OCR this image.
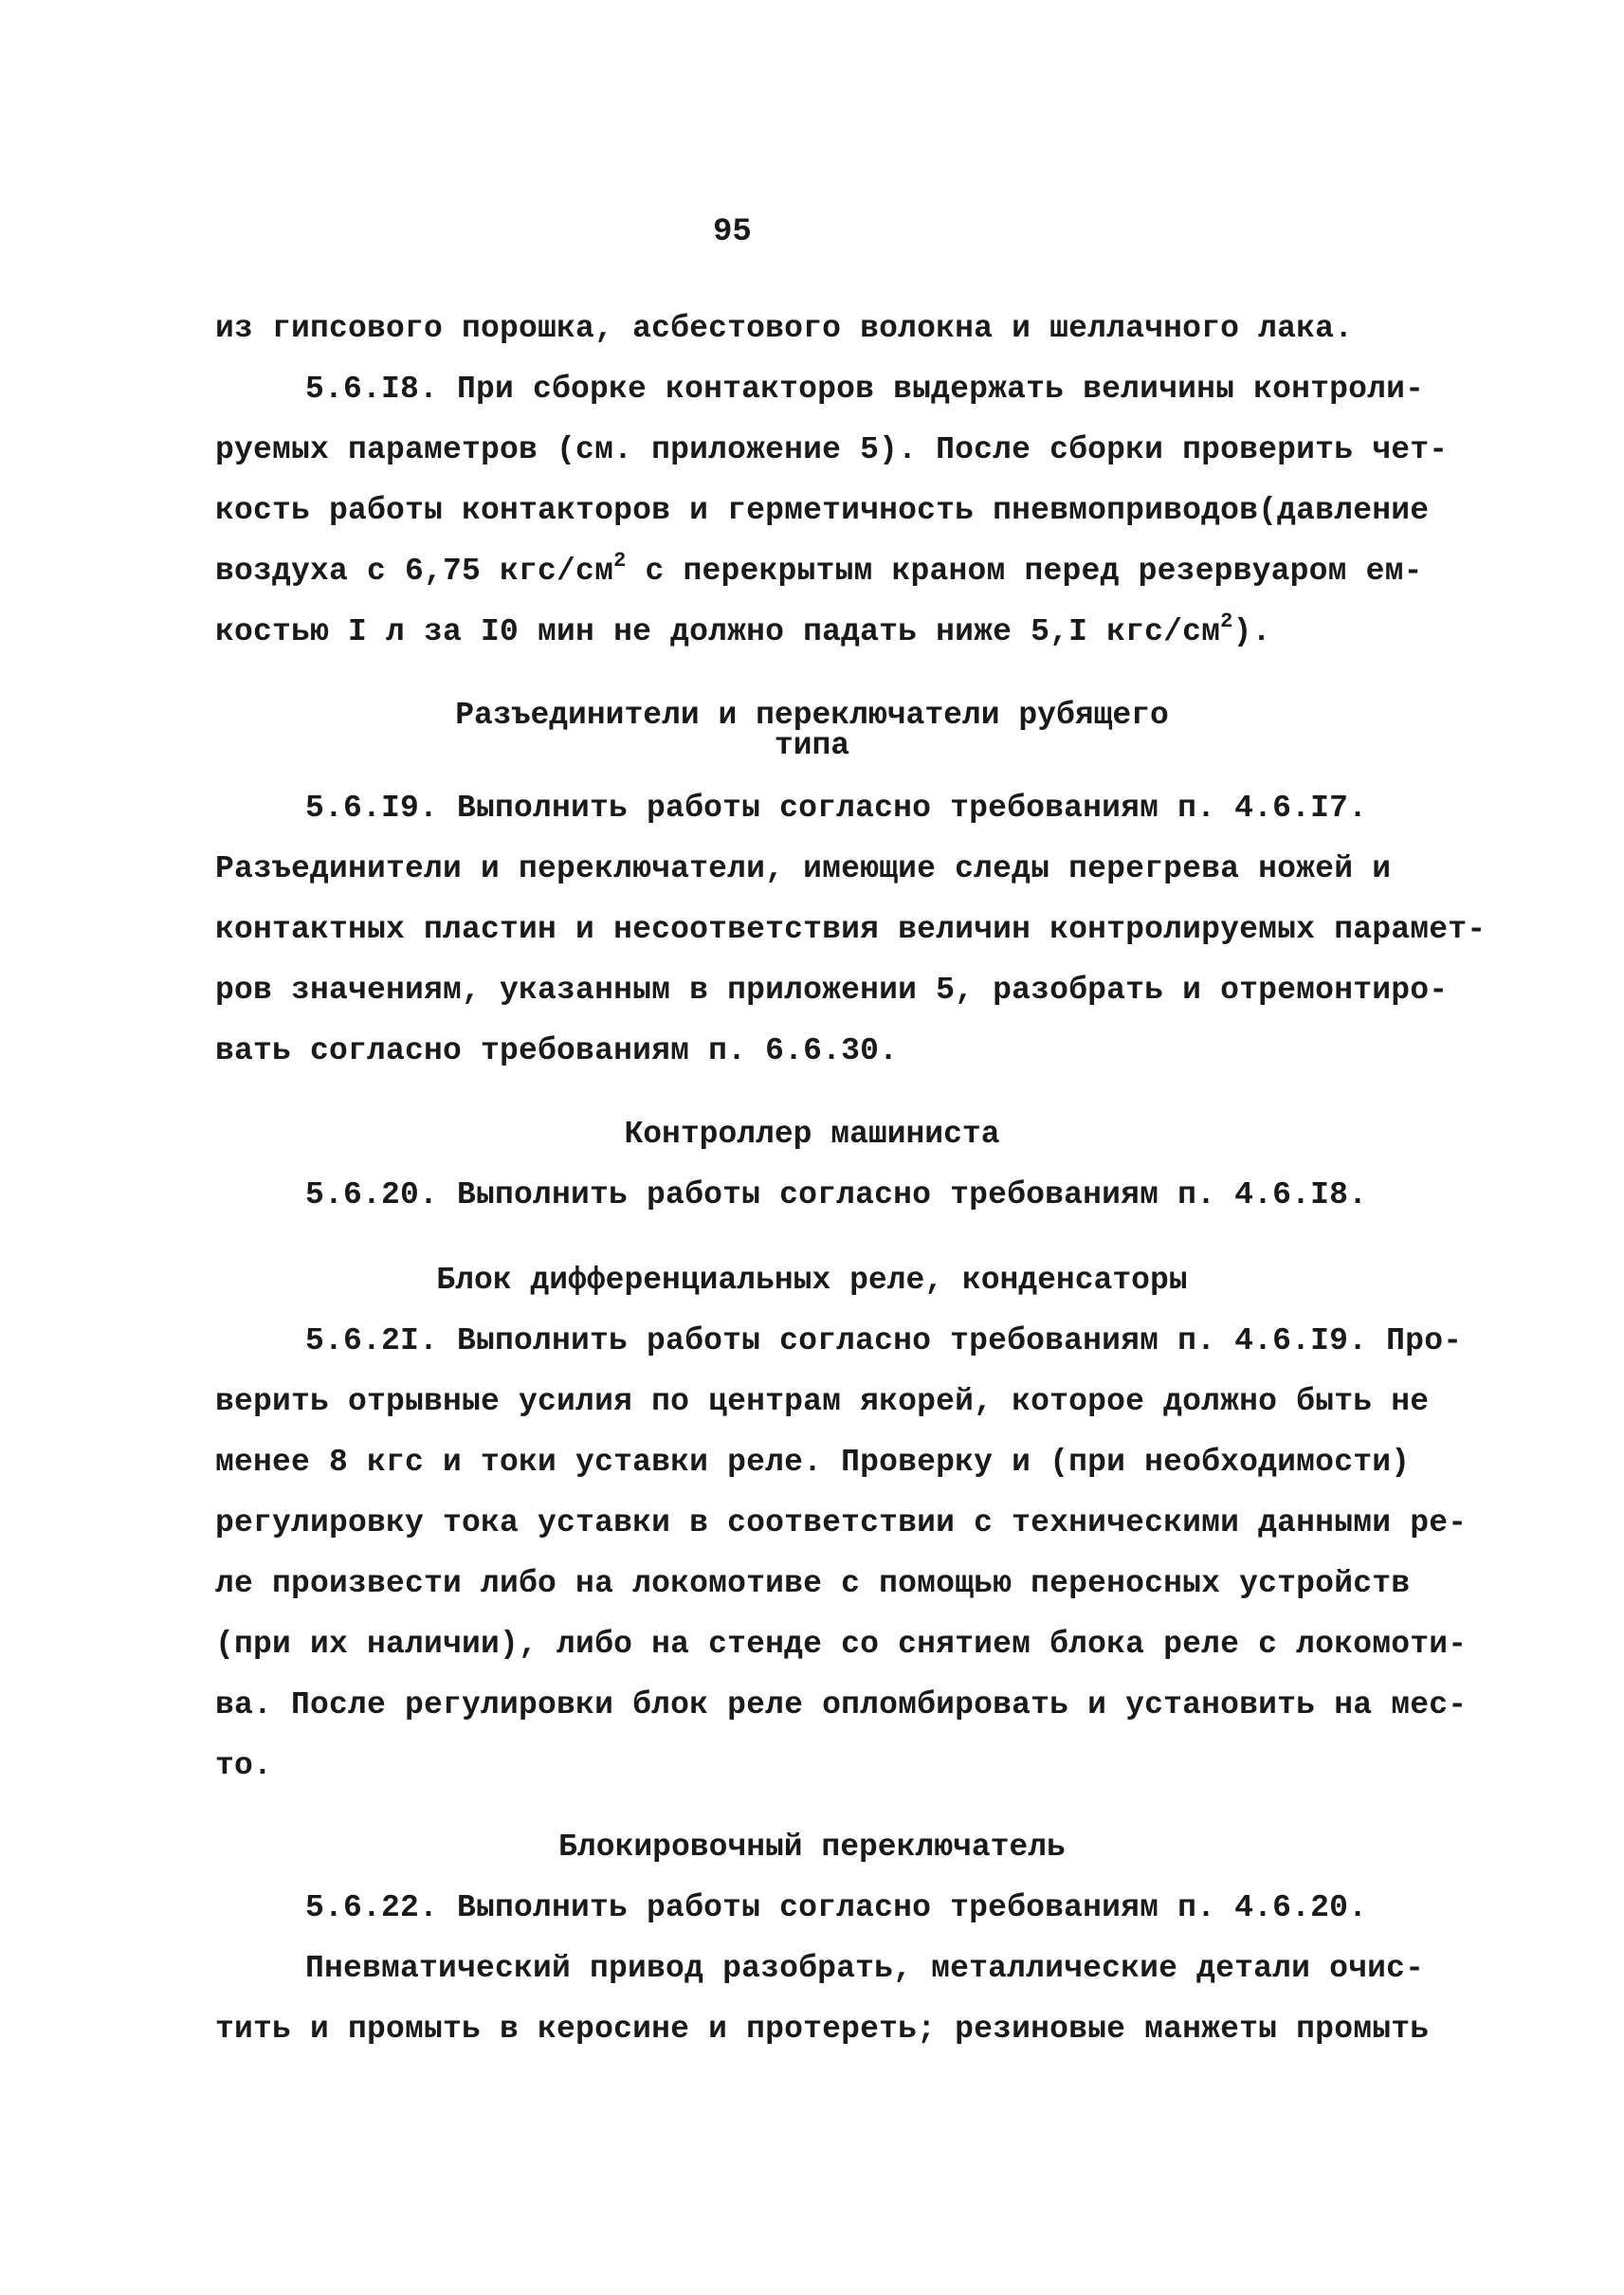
95
из гипсового порошка, асбестового волокна и шеллачного лака.
5.6.I8. При сборке контакторов выдержать величины контроли-
руемых параметров (см. приложение 5). После сборки проверить чет-
кость работы контакторов и герметичность пневмоприводов(давление
воздуха с 6,75 кгс/$см^2$ с перекрытым краном перед резервуаром ем-
костью I л за I0 мин не должно падать ниже 5,I кгс/$см^2$).
Разъединители и переключатели рубящего
типа
5.6.I9. Выполнить работы согласно требованиям п. 4.6.I7.
Разъединители и переключатели, имеющие следы перегрева ножей и
контактных пластин и несоответствия величин контролируемых парамет-
ров значениям, указанным в приложении 5, разобрать и отремонтиро-
вать согласно требованиям п. 6.6.30.
Контроллер машиниста
5.6.20. Выполнить работы согласно требованиям п. 4.6.I8.
Блок дифференциальных реле, конденсаторы
5.6.2I. Выполнить работы согласно требованиям п. 4.6.I9. Про-
верить отрывные усилия по центрам якорей, которое должно быть не
менее 8 кгс и токи уставки реле. Проверку и (при необходимости)
регулировку тока уставки в соответствии с техническими данными ре-
ле произвести либо на локомотиве с помощью переносных устройств
(при их наличии), либо на стенде со снятием блока реле с локомоти-
ва. После регулировки блок реле опломбировать и установить на мес-
то.
Блокировочный переключатель
5.6.22. Выполнить работы согласно требованиям п. 4.6.20.
Пневматический привод разобрать, металлические детали очис-
тить и промыть в керосине и протереть; резиновые манжеты промыть
